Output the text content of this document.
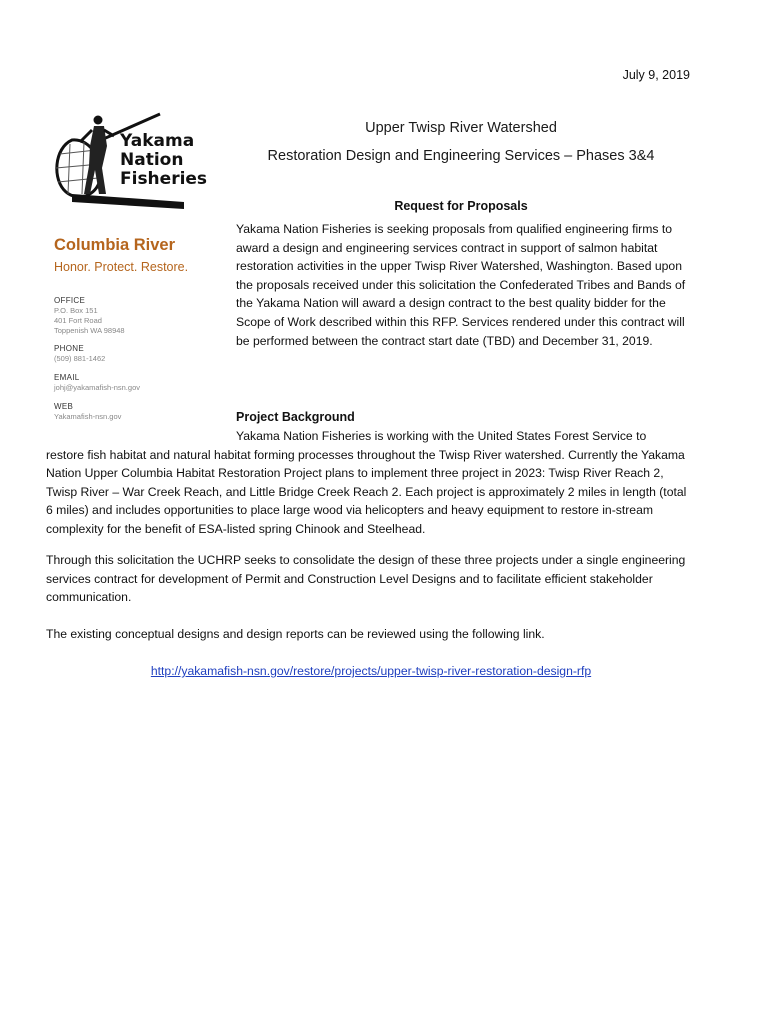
July 9, 2019
Yakama
Nation
Fisheries
Columbia River
Honor. Protect. Restore.
OFFICE
P.O. Box 151
401 Fort Road
Toppenish WA 98948
PHONE
(509) 881-1462
EMAIL
johj@yakamafish-nsn.gov
WEB
Yakamafish-nsn.gov
Upper Twisp River Watershed
Restoration Design and Engineering Services – Phases 3&4
Request for Proposals

Yakama Nation Fisheries is seeking proposals from qualified engineering firms to award a design and engineering services contract in support of salmon habitat restoration activities in the upper Twisp River Watershed, Washington. Based upon the proposals received under this solicitation the Confederated Tribes and Bands of the Yakama Nation will award a design contract to the best quality bidder for the Scope of Work described within this RFP. Services rendered under this contract will be performed between the contract start date (TBD) and December 31, 2019.

Project Background
Yakama Nation Fisheries is working with the United States Forest Service to
restore fish habitat and natural habitat forming processes throughout the Twisp River watershed. Currently the Yakama Nation Upper Columbia Habitat Restoration Project plans to implement three project in 2023: Twisp River Reach 2, Twisp River – War Creek Reach, and Little Bridge Creek Reach 2. Each project is approximately 2 miles in length (total 6 miles) and includes opportunities to place large wood via helicopters and heavy equipment to restore in-stream complexity for the benefit of ESA-listed spring Chinook and Steelhead.

Through this solicitation the UCHRP seeks to consolidate the design of these three projects under a single engineering services contract for development of Permit and Construction Level Designs and to facilitate efficient stakeholder communication.

The existing conceptual designs and design reports can be reviewed using the following link.

http://yakamafish-nsn.gov/restore/projects/upper-twisp-river-restoration-design-rfp
